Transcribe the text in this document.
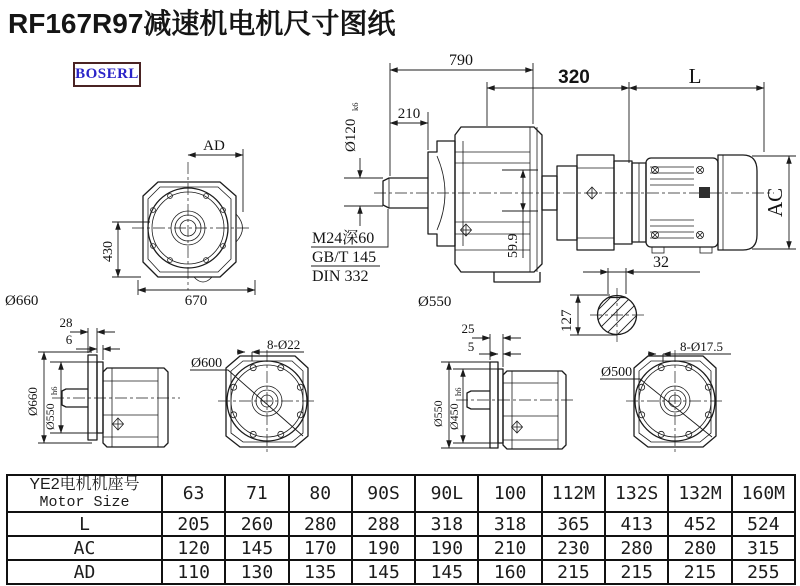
RF167R97减速机电机尺寸图纸
BOSERL
AD
430
670
790
210
Ø120
k6
M24深60
GB/T 145
DIN 332
59.9
Ø550
Ø660
320	L
AC
32
127
28
6
Ø660
Ø550
h6
Ø600
8-Ø22
25
5
Ø550 Ø450
h6
Ø500
8-Ø17.5
YE2电机机座号
Motor Size	63	71	80	90S	90L	100	112M	132S	132M	160M
L	205	260	280	288	318	318	365	413	452	524
AC	120	145	170	190	190	210	230	280	280	315
AD	110	130	135	145	145	160	215	215	215	255
